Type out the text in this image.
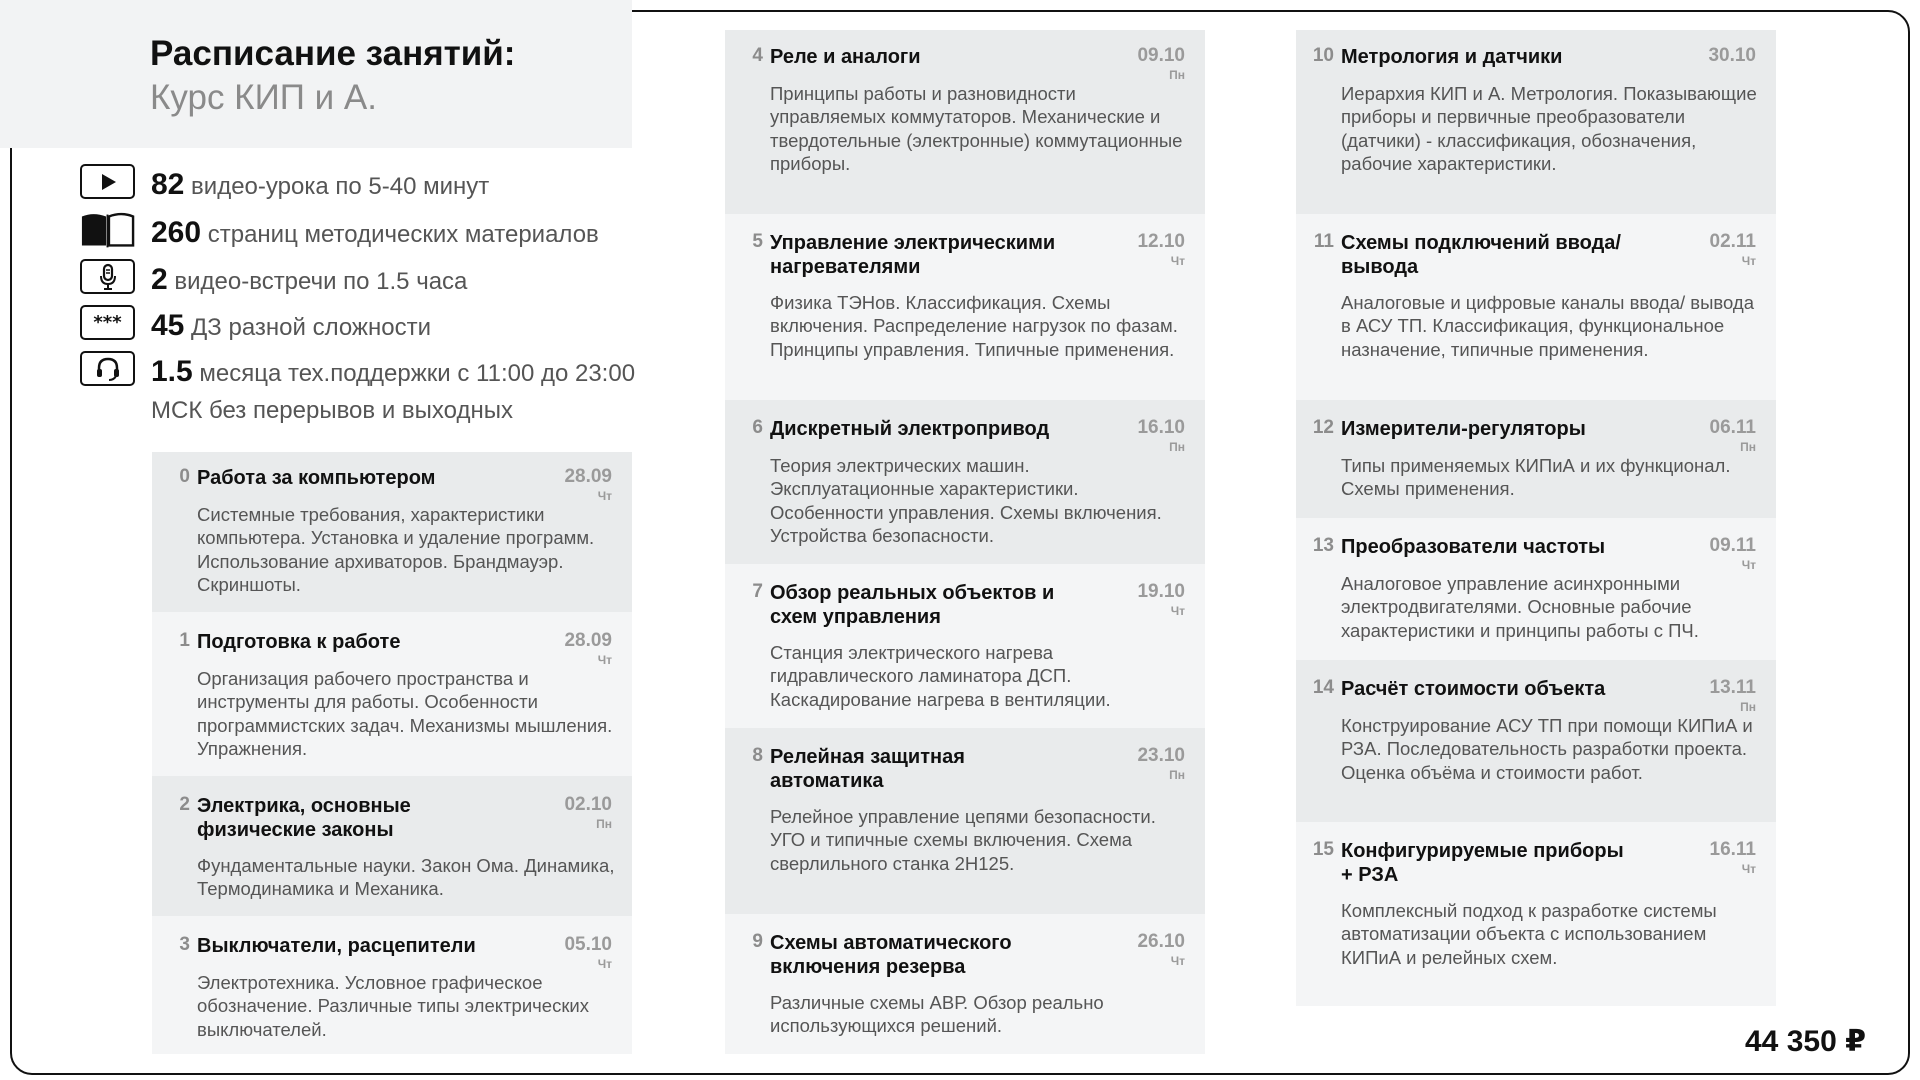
Расписание занятий:
Курс КИП и А.
82 видео-урока по 5-40 минут
260 страниц методических материалов
2 видео-встречи по 1.5 часа
*** 45 ДЗ разной сложности
1.5 месяца тех.поддержки с 11:00 до 23:00 МСК без перерывов и выходных
0 Работа за компьютером	28.09
Чт
Системные требования, характеристики компьютера. Установка и удаление программ. Использование архиваторов. Брандмауэр. Скриншоты.
1 Подготовка к работе	28.09
Чт
Организация рабочего пространства и инструменты для работы. Особенности программистских задач. Механизмы мышления. Упражнения.
2 Электрика, основные физические законы
02.10
Пн
Фундаментальные науки. Закон Ома. Динамика, Термодинамика и Механика.
3 Выключатели, расцепители	05.10
Чт
Электротехника. Условное графическое обозначение. Различные типы электрических выключателей.
4 Реле и аналоги	09.10
Пн
Принципы работы и разновидности управляемых коммутаторов. Механические и твердотельные (электронные) коммутационные приборы.
5 Управление электрическими нагревателями
12.10
Чт
Физика ТЭНов. Классификация. Схемы включения. Распределение нагрузок по фазам. Принципы управления. Типичные применения.
6 Дискретный электропривод	16.10
Пн
Теория электрических машин. Эксплуатационные характеристики. Особенности управления. Схемы включения. Устройства безопасности.
7 Обзор реальных объектов и схем управления
19.10
Чт
Станция электрического нагрева гидравлического ламинатора ДСП. Каскадирование нагрева в вентиляции.
8 Релейная защитная автоматика
23.10
Пн
Релейное управление цепями безопасности. УГО и типичные схемы включения. Схема сверлильного станка 2Н125.
9 Схемы автоматического включения резерва
26.10
Чт
Различные схемы АВР. Обзор реально использующихся решений.
10 Метрология и датчики	30.10
Иерархия КИП и А. Метрология. Показывающие приборы и первичные преобразователи (датчики) - классификация, обозначения, рабочие характеристики.
11 Схемы подключений ввода/ вывода
02.11
Чт
Аналоговые и цифровые каналы ввода/ вывода в АСУ ТП. Классификация, функциональное назначение, типичные применения.
12 Измерители-регуляторы	06.11
Пн
Типы применяемых КИПиА и их функционал. Схемы применения.
13 Преобразователи частоты	09.11
Чт
Аналоговое управление асинхронными электродвигателями. Основные рабочие характеристики и принципы работы с ПЧ.
14 Расчёт стоимости объекта	13.11
Пн
Конструирование АСУ ТП при помощи КИПиА и РЗА. Последовательность разработки проекта. Оценка объёма и стоимости работ.
15 Конфигурируемые приборы + РЗА
16.11
Чт
Комплексный подход к разработке системы автоматизации объекта с использованием КИПиА и релейных схем.
44 350 ₽
